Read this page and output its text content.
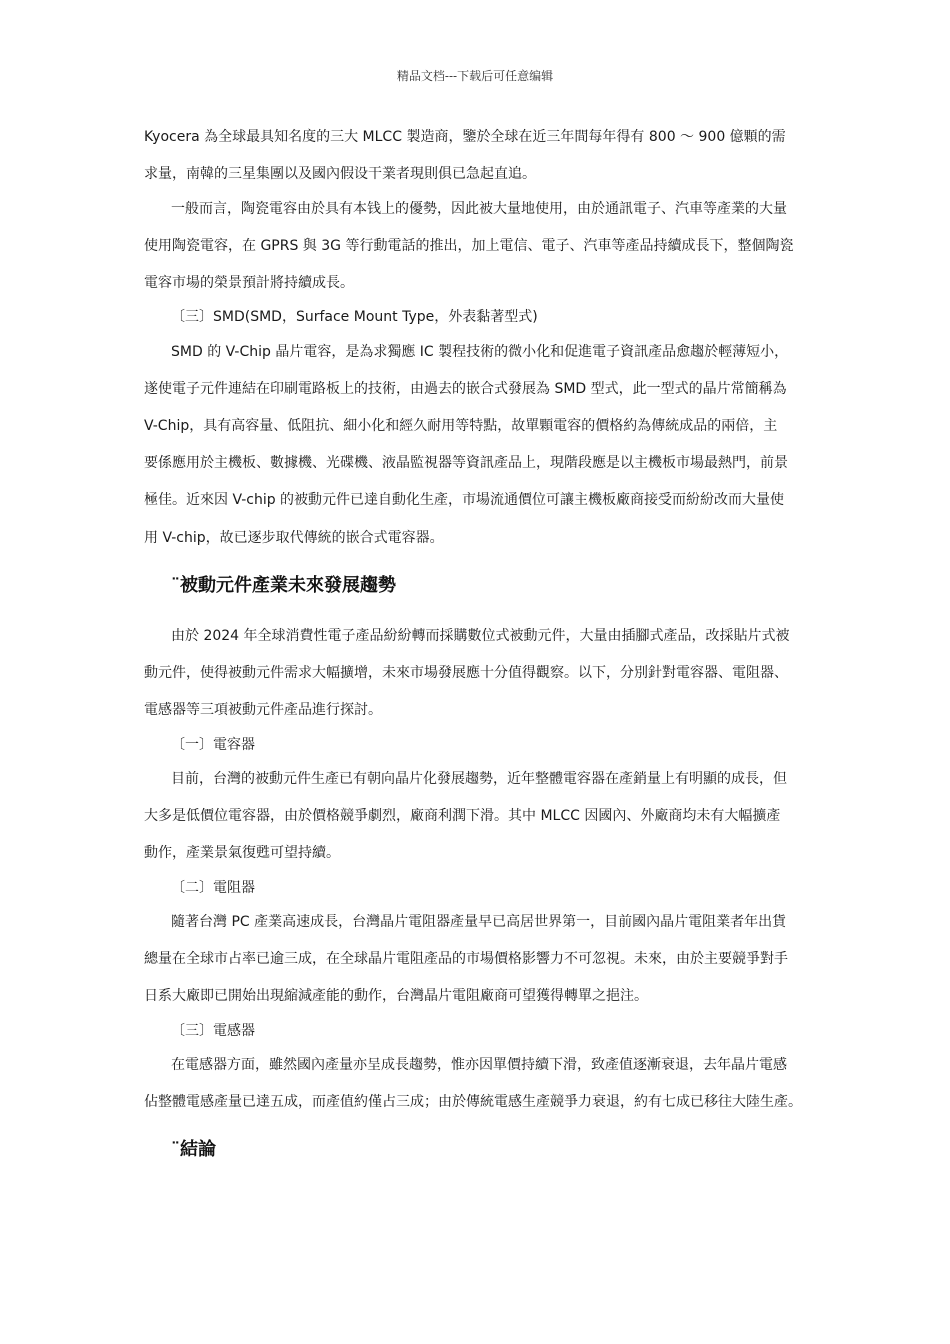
精品文档---下载后可任意编辑
Kyocera 為全球最具知名度的三大 MLCC 製造商，鑒於全球在近三年間每年得有 800 ～ 900 億顆的需
求量，南韓的三星集團以及國內假设干業者現則俱已急起直追。
一般而言，陶瓷電容由於具有本钱上的優勢，因此被大量地使用，由於通訊電子、汽車等產業的大量
使用陶瓷電容，在 GPRS 與 3G 等行動電話的推出，加上電信、電子、汽車等產品持續成長下，整個陶瓷
電容市場的榮景預計將持續成長。
〔三〕SMD(SMD，Surface Mount Type，外表黏著型式)
SMD 的 V-Chip 晶片電容，是為求獨應 IC 製程技術的微小化和促進電子資訊產品愈趨於輕薄短小，
遂使電子元件連結在印刷電路板上的技術，由過去的嵌合式發展為 SMD 型式，此一型式的晶片常簡稱為
V-Chip，具有高容量、低阻抗、細小化和經久耐用等特點，故單顆電容的價格約為傳統成品的兩倍，主
要係應用於主機板、數據機、光碟機、液晶監視器等資訊產品上，現階段應是以主機板市場最熱門，前景
極佳。近來因 V-chip 的被動元件已達自動化生產，市場流通價位可讓主機板廠商接受而紛紛改而大量使
用 V-chip，故已逐步取代傳統的嵌合式電容器。
¨被動元件產業未來發展趨勢
由於 2024 年全球消費性電子產品紛紛轉而採購數位式被動元件，大量由插腳式產品，改採貼片式被
動元件，使得被動元件需求大幅擴增，未來市場發展應十分值得觀察。以下，分別針對電容器、電阻器、
電感器等三項被動元件產品進行探討。
〔一〕電容器
目前，台灣的被動元件生產已有朝向晶片化發展趨勢，近年整體電容器在產銷量上有明顯的成長，但
大多是低價位電容器，由於價格競爭劇烈，廠商利潤下滑。其中 MLCC 因國內、外廠商均未有大幅擴產
動作，產業景氣復甦可望持續。
〔二〕電阻器
隨著台灣 PC 產業高速成長，台灣晶片電阻器產量早已高居世界第一，目前國內晶片電阻業者年出貨
總量在全球市占率已逾三成，在全球晶片電阻產品的市場價格影響力不可忽視。未來，由於主要競爭對手
日系大廠即已開始出現縮減產能的動作，台灣晶片電阻廠商可望獲得轉單之挹注。
〔三〕電感器
在電感器方面，雖然國內產量亦呈成長趨勢，惟亦因單價持續下滑，致產值逐漸衰退，去年晶片電感
佔整體電感產量已達五成，而產值約僅占三成；由於傳統電感生產競爭力衰退，約有七成已移往大陸生產。
¨結論
